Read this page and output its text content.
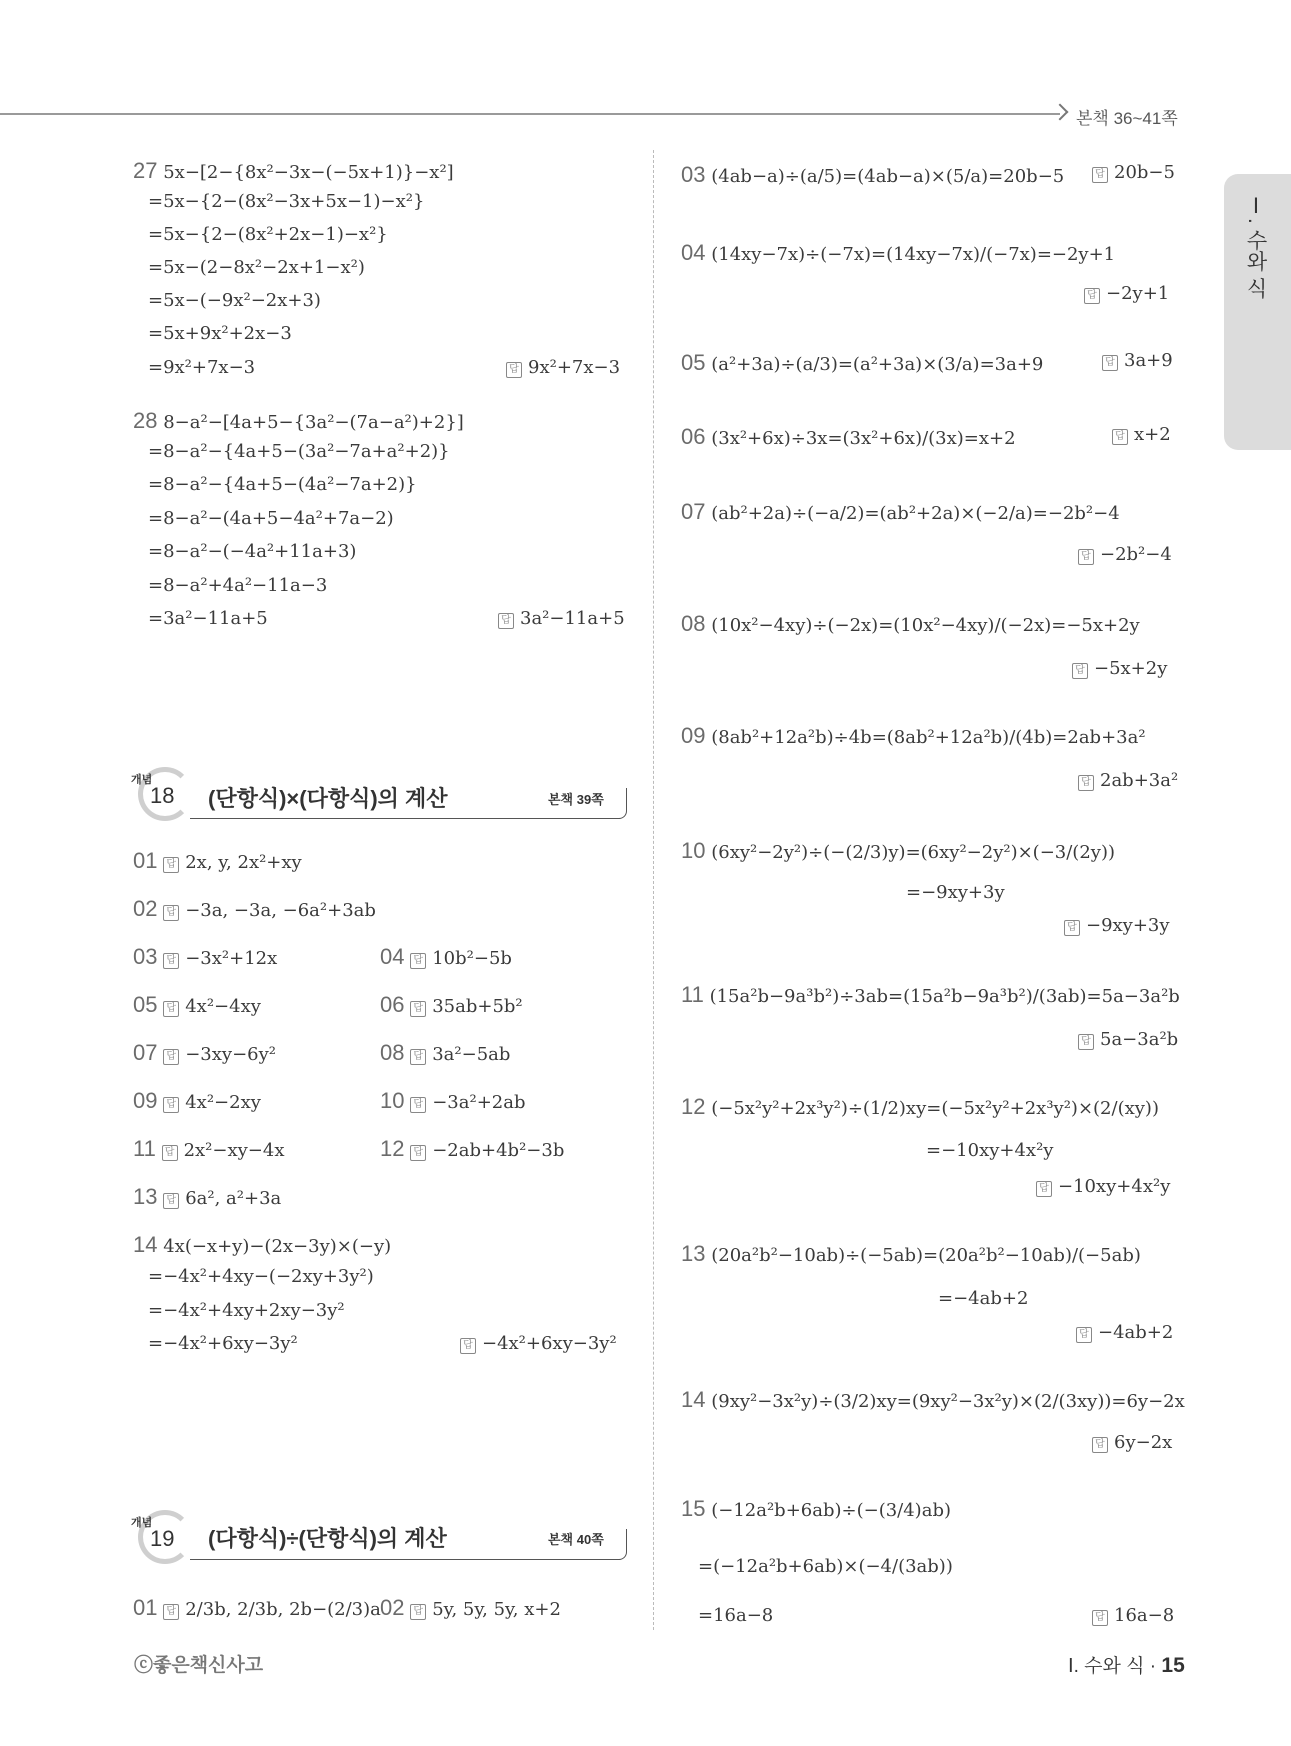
본책 36~41쪽
Ⅰ. 수와 식
27 5x−[2−{8x²−3x−(−5x+1)}−x²]
=5x−{2−(8x²−3x+5x−1)−x²}
=5x−{2−(8x²+2x−1)−x²}
=5x−(2−8x²−2x+1−x²)
=5x−(−9x²−2x+3)
=5x+9x²+2x−3
=9x²+7x−3	답 9x²+7x−3
28 8−a²−[4a+5−{3a²−(7a−a²)+2}]
=8−a²−{4a+5−(3a²−7a+a²+2)}
=8−a²−{4a+5−(4a²−7a+2)}
=8−a²−(4a+5−4a²+7a−2)
=8−a²−(−4a²+11a+3)
=8−a²+4a²−11a−3
=3a²−11a+5	답 3a²−11a+5
개념
18 (단항식)×(다항식)의 계산	본책 39쪽
01 답 2x, y, 2x²+xy
02 답 −3a, −3a, −6a²+3ab
03 답 −3x²+12x	04 답 10b²−5b
05 답 4x²−4xy	06 답 35ab+5b²
07 답 −3xy−6y²	08 답 3a²−5ab
09 답 4x²−2xy	10 답 −3a²+2ab
11 답 2x²−xy−4x	12 답 −2ab+4b²−3b
13 답 6a², a²+3a
14 4x(−x+y)−(2x−3y)×(−y)
=−4x²+4xy−(−2xy+3y²)
=−4x²+4xy+2xy−3y²
=−4x²+6xy−3y²	답 −4x²+6xy−3y²
개념
19 (다항식)÷(단항식)의 계산	본책 40쪽
01 답 2/3b, 2/3b, 2b−(2/3)a 02 답 5y, 5y, 5y, x+2
03 (4ab−a)÷(a/5)=(4ab−a)×(5/a)=20b−5	답 20b−5
04 (14xy−7x)÷(−7x)=(14xy−7x)/(−7x)=−2y+1
답 −2y+1
05 (a²+3a)÷(a/3)=(a²+3a)×(3/a)=3a+9	답 3a+9
06 (3x²+6x)÷3x=(3x²+6x)/(3x)=x+2	답 x+2
07 (ab²+2a)÷(−a/2)=(ab²+2a)×(−2/a)=−2b²−4
답 −2b²−4
08 (10x²−4xy)÷(−2x)=(10x²−4xy)/(−2x)=−5x+2y
답 −5x+2y
09 (8ab²+12a²b)÷4b=(8ab²+12a²b)/(4b)=2ab+3a²
답 2ab+3a²
10 (6xy²−2y²)÷(−(2/3)y)=(6xy²−2y²)×(−3/(2y))
=−9xy+3y
답 −9xy+3y
11 (15a²b−9a³b²)÷3ab=(15a²b−9a³b²)/(3ab)=5a−3a²b
답 5a−3a²b
12 (−5x²y²+2x³y²)÷(1/2)xy=(−5x²y²+2x³y²)×(2/(xy))
=−10xy+4x²y
답 −10xy+4x²y
13 (20a²b²−10ab)÷(−5ab)=(20a²b²−10ab)/(−5ab)
=−4ab+2
답 −4ab+2
14 (9xy²−3x²y)÷(3/2)xy=(9xy²−3x²y)×(2/(3xy))=6y−2x
답 6y−2x
15 (−12a²b+6ab)÷(−(3/4)ab)
=(−12a²b+6ab)×(−4/(3ab))
=16a−8	답 16a−8
ⓒ좋은책신사고	Ⅰ. 수와 식 · 15
